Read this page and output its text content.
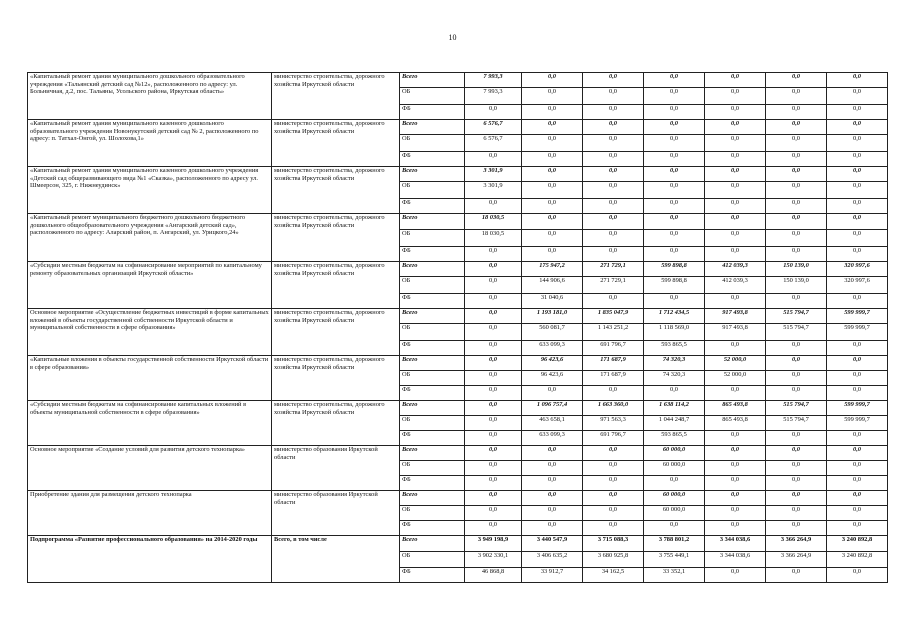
10
«Капитальный ремонт здания муниципального дошкольного образовательного учреждения «Тальянский детский сад №12», расположенного по адресу: ул. Больничная, д.2, пос. Тальяны, Усольского района, Иркутская область»	министерство строительства, дорожного хозяйства Иркутской области	Всего	7 993,3	0,0	0,0	0,0	0,0	0,0	0,0
		ОБ	7 993,3	0,0	0,0	0,0	0,0	0,0	0,0
		ФБ	0,0	0,0	0,0	0,0	0,0	0,0	0,0
«Капитальный ремонт здания муниципального казенного дошкольного образовательного учреждения Новонукутский детский сад № 2, расположенного по адресу: п. Татхал-Онгой, ул. Шолохова,1»	министерство строительства, дорожного хозяйства Иркутской области	Всего	6 576,7	0,0	0,0	0,0	0,0	0,0	0,0
		ОБ	6 576,7	0,0	0,0	0,0	0,0	0,0	0,0
		ФБ	0,0	0,0	0,0	0,0	0,0	0,0	0,0
«Капитальный ремонт здания муниципального казенного дошкольного учреждения «Детский сад общеразвивающего вида №1 «Сказка», расположенного по адресу ул. Шмеерсон, 325, г. Нижнеудинск»	министерство строительства, дорожного хозяйства Иркутской области	Всего	3 301,9	0,0	0,0	0,0	0,0	0,0	0,0
		ОБ	3 301,9	0,0	0,0	0,0	0,0	0,0	0,0
		ФБ	0,0	0,0	0,0	0,0	0,0	0,0	0,0
«Капитальный ремонт муниципального бюджетного дошкольного бюджетного дошкольного общеобразовательного учреждения «Ангарский детский сад», расположенного по адресу: Аларский район, п. Ангарский, ул. Урицкого,24»	министерство строительства, дорожного хозяйства Иркутской области	Всего	18 030,5	0,0	0,0	0,0	0,0	0,0	0,0
		ОБ	18 030,5	0,0	0,0	0,0	0,0	0,0	0,0
		ФБ	0,0	0,0	0,0	0,0	0,0	0,0	0,0
«Субсидии местным бюджетам на софинансирование мероприятий по капитальному ремонту образовательных организаций Иркутской области»	министерство строительства, дорожного хозяйства Иркутской области	Всего	0,0	175 947,2	271 729,1	599 898,8	412 039,3	150 139,0	320 997,6
		ОБ	0,0	144 906,6	271 729,1	599 898,8	412 039,3	150 139,0	320 997,6
		ФБ	0,0	31 040,6	0,0	0,0	0,0	0,0	0,0
Основное мероприятие «Осуществление бюджетных инвестиций в форме капитальных вложений в объекты государственной собственности Иркутской области и муниципальной собственности в сфере образования»	министерство строительства, дорожного хозяйства Иркутской области	Всего	0,0	1 193 181,0	1 835 047,9	1 712 434,5	917 493,8	515 794,7	599 999,7
		ОБ	0,0	560 081,7	1 143 251,2	1 118 569,0	917 493,8	515 794,7	599 999,7
		ФБ	0,0	633 099,3	691 796,7	593 865,5	0,0	0,0	0,0
«Капитальные вложения в объекты государственной собственности Иркутской области в сфере образования»	министерство строительства, дорожного хозяйства Иркутской области	Всего	0,0	96 423,6	171 687,9	74 320,3	52 000,0	0,0	0,0
		ОБ	0,0	96 423,6	171 687,9	74 320,3	52 000,0	0,0	0,0
		ФБ	0,0	0,0	0,0	0,0	0,0	0,0	0,0
«Субсидии местным бюджетам на софинансирование капитальных вложений в объекты муниципальной собственности в сфере образования»	министерство строительства, дорожного хозяйства Иркутской области	Всего	0,0	1 096 757,4	1 663 360,0	1 638 114,2	865 493,8	515 794,7	599 999,7
		ОБ	0,0	463 658,1	971 563,3	1 044 248,7	865 493,8	515 794,7	599 999,7
		ФБ	0,0	633 099,3	691 796,7	593 865,5	0,0	0,0	0,0
Основное мероприятие «Создание условий для развития детского технопарка»	министерство образования Иркутской области	Всего	0,0	0,0	0,0	60 000,0	0,0	0,0	0,0
		ОБ	0,0	0,0	0,0	60 000,0	0,0	0,0	0,0
		ФБ	0,0	0,0	0,0	0,0	0,0	0,0	0,0
Приобретение здания для размещения детского технопарка	министерство образования Иркутской области	Всего	0,0	0,0	0,0	60 000,0	0,0	0,0	0,0
		ОБ	0,0	0,0	0,0	60 000,0	0,0	0,0	0,0
		ФБ	0,0	0,0	0,0	0,0	0,0	0,0	0,0
Подпрограмма «Развитие профессионального образования» на 2014-2020 годы	Всего, в том числе	Всего	3 949 198,9	3 440 547,9	3 715 088,3	3 788 801,2	3 344 038,6	3 366 264,9	3 240 892,8
		ОБ	3 902 330,1	3 406 635,2	3 680 925,8	3 755 449,1	3 344 038,6	3 366 264,9	3 240 892,8
		ФБ	46 868,8	33 912,7	34 162,5	33 352,1	0,0	0,0	0,0
